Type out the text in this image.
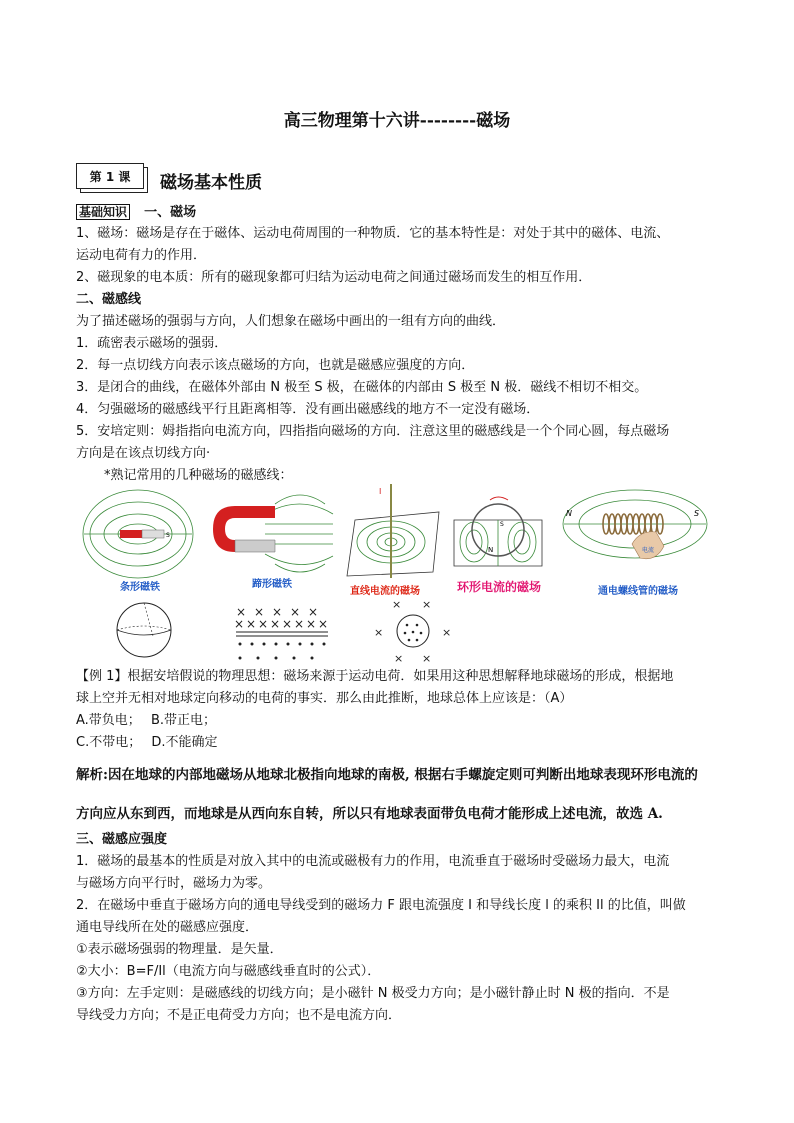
高三物理第十六讲--------磁场
第 1 课	磁场基本性质
基础知识 一、磁场
1、磁场：磁场是存在于磁体、运动电荷周围的一种物质．它的基本特性是：对处于其中的磁体、电流、
运动电荷有力的作用．
2、磁现象的电本质：所有的磁现象都可归结为运动电荷之间通过磁场而发生的相互作用．
二、磁感线
为了描述磁场的强弱与方向，人们想象在磁场中画出的一组有方向的曲线．
1．疏密表示磁场的强弱．
2．每一点切线方向表示该点磁场的方向，也就是磁感应强度的方向．
3．是闭合的曲线，在磁体外部由 N 极至 S 极，在磁体的内部由 S 极至 N 极．磁线不相切不相交。
4．匀强磁场的磁感线平行且距离相等．没有画出磁感线的地方不一定没有磁场．
5．安培定则：姆指指向电流方向，四指指向磁场的方向．注意这里的磁感线是一个个同心圆，每点磁场
方向是在该点切线方向·
*熟记常用的几种磁场的磁感线：
S
条形磁铁	蹄形磁铁
I
直线电流的磁场
S
N
环形电流的磁场
N	S
电流
通电螺线管的磁场
× × × × ×
× × × × × × × ×
× ×
×	×
× ×
【例 1】根据安培假说的物理思想：磁场来源于运动电荷．如果用这种思想解释地球磁场的形成，根据地
球上空并无相对地球定向移动的电荷的事实．那么由此推断，地球总体上应该是：（A）
A.带负电； B.带正电；
C.不带电； D.不能确定
解析:因在地球的内部地磁场从地球北极指向地球的南极, 根据右手螺旋定则可判断出地球表现环形电流的
方向应从东到西，而地球是从西向东自转，所以只有地球表面带负电荷才能形成上述电流，故选 A.
三、磁感应强度
1．磁场的最基本的性质是对放入其中的电流或磁极有力的作用，电流垂直于磁场时受磁场力最大，电流
与磁场方向平行时，磁场力为零。
2．在磁场中垂直于磁场方向的通电导线受到的磁场力 F 跟电流强度 I 和导线长度 l 的乘积 Il 的比值，叫做
通电导线所在处的磁感应强度．
①表示磁场强弱的物理量．是矢量．
②大小：B=F/Il（电流方向与磁感线垂直时的公式）．
③方向：左手定则：是磁感线的切线方向；是小磁针 N 极受力方向；是小磁针静止时 N 极的指向．不是
导线受力方向；不是正电荷受力方向；也不是电流方向．
